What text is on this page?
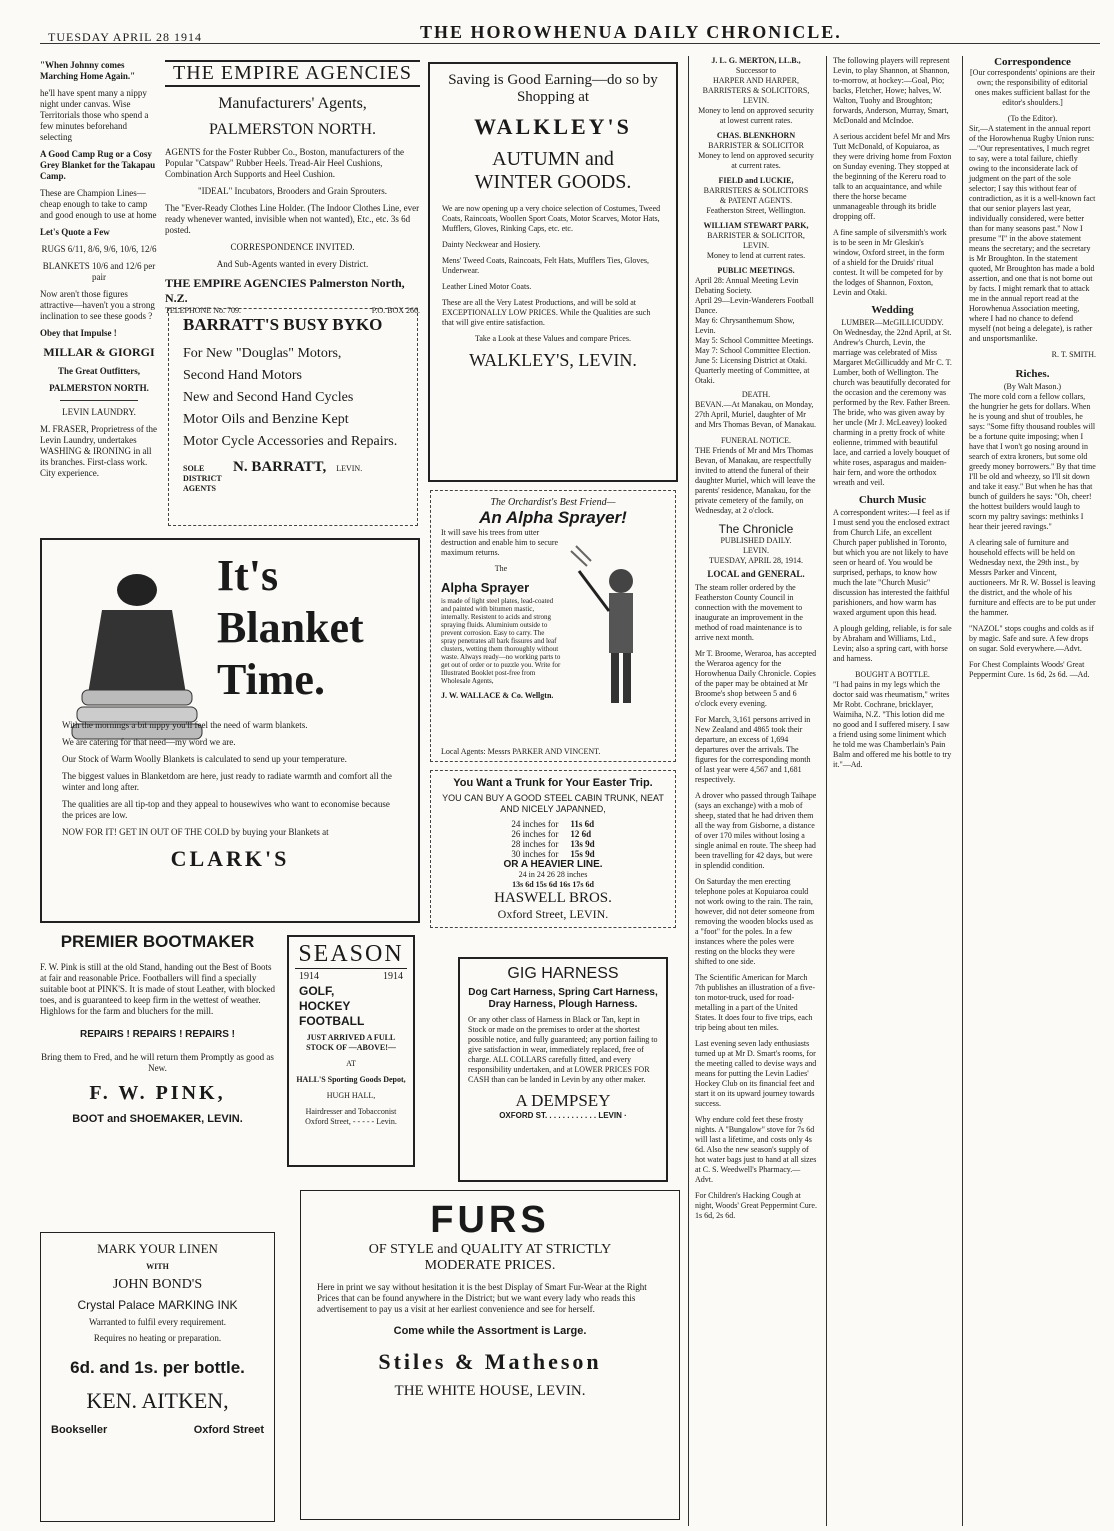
TUESDAY APRIL 28 1914	THE HOROWHENUA DAILY CHRONICLE.

"When Johnny comes Marching Home Again."

he'll have spent many a nippy night under canvas. Wise Territorials those who spend a few minutes beforehand selecting

A Good Camp Rug or a Cosy Grey Blanket for the Takapau Camp.

These are Champion Lines—cheap enough to take to camp and good enough to use at home

Let's Quote a Few

RUGS 6/11, 8/6, 9/6, 10/6, 12/6

BLANKETS 10/6 and 12/6 per pair

Now aren't those figures attractive—haven't you a strong inclination to see these goods ?

Obey that Impulse !

MILLAR & GIORGI

The Great Outfitters,

PALMERSTON NORTH.

LEVIN LAUNDRY.

M. FRASER, Proprietress of the Levin Laundry, undertakes WASHING & IRONING in all its branches. First-class work. City experience.

THE EMPIRE AGENCIES
Manufacturers' Agents,
PALMERSTON NORTH.

AGENTS for the Foster Rubber Co., Boston, manufacturers of the Popular "Catspaw" Rubber Heels. Tread-Air Heel Cushions, Combination Arch Supports and Heel Cushion.

"IDEAL" Incubators, Brooders and Grain Sprouters.

The "Ever-Ready Clothes Line Holder. (The Indoor Clothes Line, ever ready whenever wanted, invisible when not wanted), Etc., etc. 3s 6d posted.

CORRESPONDENCE INVITED.

And Sub-Agents wanted in every District.

THE EMPIRE AGENCIES Palmerston North, N.Z.
TELEPHONE No. 709.	P.O. BOX 266.
BARRATT'S BUSY BYKO
For New "Douglas" Motors,
Second Hand Motors
New and Second Hand Cycles
Motor Oils and Benzine Kept
Motor Cycle Accessories and Repairs.
SOLE DISTRICT AGENTS
N. BARRATT, LEVIN.
It's
Blanket
Time.

With the mornings a bit nippy you'll feel the need of warm blankets.

We are catering for that need—my word we are.

Our Stock of Warm Woolly Blankets is calculated to send up your temperature.

The biggest values in Blanketdom are here, just ready to radiate warmth and comfort all the winter and long after.

The qualities are all tip-top and they appeal to housewives who want to economise because the prices are low.

NOW FOR IT! GET IN OUT OF THE COLD by buying your Blankets at

CLARK'S
Saving is Good Earning—do so by Shopping at
WALKLEY'S
AUTUMN and
WINTER GOODS.

We are now opening up a very choice selection of Costumes, Tweed Coats, Raincoats, Woollen Sport Coats, Motor Scarves, Motor Hats, Mufflers, Gloves, Rinking Caps, etc. etc.

Dainty Neckwear and Hosiery.

Mens' Tweed Coats, Raincoats, Felt Hats, Mufflers Ties, Gloves, Underwear.

Leather Lined Motor Coats.

These are all the Very Latest Productions, and will be sold at EXCEPTIONALLY LOW PRICES. While the Qualities are such that will give entire satisfaction.

Take a Look at these Values and compare Prices.

WALKLEY'S, LEVIN.
The Orchardist's Best Friend—
An Alpha Sprayer!

It will save his trees from utter destruction and enable him to secure maximum returns.

The

Alpha Sprayer

is made of light steel plates, lead-coated and painted with bitumen mastic, internally. Resistent to acids and strong spraying fluids. Aluminium outside to prevent corrosion. Easy to carry. The spray penetrates all bark fissures and leaf clusters, wetting them thoroughly without waste. Always ready—no working parts to get out of order or to puzzle you. Write for Illustrated Booklet post-free from Wholesale Agents,

J. W. WALLACE & Co. Wellgtn.

Local Agents: Messrs PARKER AND VINCENT.
You Want a Trunk for Your Easter Trip.
YOU CAN BUY A GOOD STEEL CABIN TRUNK, NEAT AND NICELY JAPANNED,
24 inches for	11s 6d
26 inches for	12 6d
28 inches for	13s 9d
30 inches for	15s 9d
OR A HEAVIER LINE.
24 in 24 26 28 inches
13s 6d 15s 6d 16s 17s 6d
HASWELL BROS.
Oxford Street, LEVIN.
PREMIER BOOTMAKER

F. W. Pink is still at the old Stand, handing out the Best of Boots at fair and reasonable Price. Footballers will find a specially suitable boot at PINK'S. It is made of stout Leather, with blocked toes, and is guaranteed to keep firm in the wettest of weather. Highlows for the farm and bluchers for the mill.

REPAIRS ! REPAIRS ! REPAIRS !

Bring them to Fred, and he will return them Promptly as good as New.

F. W. PINK,
BOOT and SHOEMAKER, LEVIN.
SEASON
1914	1914
GOLF,
HOCKEY
FOOTBALL

JUST ARRIVED A FULL STOCK OF —ABOVE!—

AT

HALL'S Sporting Goods Depot,

HUGH HALL,

Hairdresser and Tobacconist Oxford Street, - - - - - Levin.

GIG HARNESS

Dog Cart Harness, Spring Cart Harness, Dray Harness, Plough Harness.

Or any other class of Harness in Black or Tan, kept in Stock or made on the premises to order at the shortest possible notice, and fully guaranteed; any portion failing to give satisfaction in wear, immediately replaced, free of charge. ALL COLLARS carefully fitted, and every responsibility undertaken, and at LOWER PRICES FOR CASH than can be landed in Levin by any other maker.

A DEMPSEY
OXFORD ST. . . . . . . . . . . . LEVIN ·
MARK YOUR LINEN
WITH
JOHN BOND'S
Crystal Palace MARKING INK
Warranted to fulfil every requirement.
Requires no heating or preparation.
6d. and 1s. per bottle.
KEN. AITKEN,
Bookseller	Oxford Street
FURS
OF STYLE and QUALITY AT STRICTLY
MODERATE PRICES.

Here in print we say without hesitation it is the best Display of Smart Fur-Wear at the Right Prices that can be found anywhere in the District; but we want every lady who reads this advertisement to pay us a visit at her earliest convenience and see for herself.

Come while the Assortment is Large.

Stiles & Matheson
THE WHITE HOUSE, LEVIN.
J. L. G. MERTON, LL.B.,
Successor to
HARPER AND HARPER,
BARRISTERS & SOLICITORS,
LEVIN.
Money to lend on approved security at lowest current rates.
CHAS. BLENKHORN
BARRISTER & SOLICITOR
Money to lend on approved security at current rates.
FIELD and LUCKIE,
BARRISTERS & SOLICITORS
& PATENT AGENTS.
Featherston Street, Wellington.
WILLIAM STEWART PARK,
BARRISTER & SOLICITOR,
LEVIN.
Money to lend at current rates.
PUBLIC MEETINGS.
April 28: Annual Meeting Levin Debating Society.
April 29—Levin-Wanderers Football Dance.
May 6: Chrysanthemum Show, Levin.
May 5: School Committee Meetings.
May 7: School Committee Election.
June 5: Licensing District at Otaki. Quarterly meeting of Committee, at Otaki.
DEATH.

BEVAN.—At Manakau, on Monday, 27th April, Muriel, daughter of Mr and Mrs Thomas Bevan, of Manakau.

FUNERAL NOTICE.

THE Friends of Mr and Mrs Thomas Bevan, of Manakau, are respectfully invited to attend the funeral of their daughter Muriel, which will leave the parents' residence, Manakau, for the private cemetery of the family, on Wednesday, at 2 o'clock.

The Chronicle
PUBLISHED DAILY.
LEVIN.
TUESDAY, APRIL 28, 1914.
LOCAL and GENERAL.

The steam roller ordered by the Featherston County Council in connection with the movement to inaugurate an improvement in the method of road maintenance is to arrive next month.

Mr T. Broome, Weraroa, has accepted the Weraroa agency for the Horowhenua Daily Chronicle. Copies of the paper may be obtained at Mr Broome's shop between 5 and 6 o'clock every evening.

For March, 3,161 persons arrived in New Zealand and 4865 took their departure, an excess of 1,694 departures over the arrivals. The figures for the corresponding month of last year were 4,567 and 1,681 respectively.

A drover who passed through Taihape (says an exchange) with a mob of sheep, stated that he had driven them all the way from Gisborne, a distance of over 170 miles without losing a single animal en route. The sheep had been travelling for 42 days, but were in splendid condition.

On Saturday the men erecting telephone poles at Kopuiaroa could not work owing to the rain. The rain, however, did not deter someone from removing the wooden blocks used as a "foot" for the poles. In a few instances where the poles were resting on the blocks they were shifted to one side.

The Scientific American for March 7th publishes an illustration of a five-ton motor-truck, used for road-metalling in a part of the United States. It does four to five trips, each trip being about ten miles.

Last evening seven lady enthusiasts turned up at Mr D. Smart's rooms, for the meeting called to devise ways and means for putting the Levin Ladies' Hockey Club on its financial feet and start it on its upward journey towards success.

Why endure cold feet these frosty nights. A "Bungalow" stove for 7s 6d will last a lifetime, and costs only 4s 6d. Also the new season's supply of hot water bags just to hand at all sizes at C. S. Weedwell's Pharmacy.—Advt.

For Children's Hacking Cough at night, Woods' Great Peppermint Cure. 1s 6d, 2s 6d.

The following players will represent Levin, to play Shannon, at Shannon, to-morrow, at hockey:—Goal, Pio; backs, Fletcher, Howe; halves, W. Walton, Tuohy and Broughton; forwards, Anderson, Murray, Smart, McDonald and McIndoe.

A serious accident befel Mr and Mrs Tutt McDonald, of Kopuiaroa, as they were driving home from Foxton on Sunday evening. They stopped at the beginning of the Kereru road to talk to an acquaintance, and while there the horse became unmanageable through its bridle dropping off.

A fine sample of silversmith's work is to be seen in Mr Gleskin's window, Oxford street, in the form of a shield for the Druids' ritual contest. It will be competed for by the lodges of Shannon, Foxton, Levin and Otaki.

Wedding
LUMBER—McGILLICUDDY.

On Wednesday, the 22nd April, at St. Andrew's Church, Levin, the marriage was celebrated of Miss Margaret McGillicuddy and Mr C. T. Lumber, both of Wellington. The church was beautifully decorated for the occasion and the ceremony was performed by the Rev. Father Breen. The bride, who was given away by her uncle (Mr J. McLeavey) looked charming in a pretty frock of white eolienne, trimmed with beautiful lace, and carried a lovely bouquet of white roses, asparagus and maiden-hair fern, and wore the orthodox wreath and veil.

Church Music

A correspondent writes:—I feel as if I must send you the enclosed extract from Church Life, an excellent Church paper published in Toronto, but which you are not likely to have seen or heard of. You would be surprised, perhaps, to know how much the late "Church Music" discussion has interested the faithful parishioners, and how warm has waxed argument upon this head.

A plough gelding, reliable, is for sale by Abraham and Williams, Ltd., Levin; also a spring cart, with horse and harness.

BOUGHT A BOTTLE.

"I had pains in my legs which the doctor said was rheumatism," writes Mr Robt. Cochrane, bricklayer, Waimiha, N.Z. "This lotion did me no good and I suffered misery. I saw a friend using some liniment which he told me was Chamberlain's Pain Balm and offered me his bottle to try it."—Ad.

Correspondence

[Our correspondents' opinions are their own; the responsibility of editorial ones makes sufficient ballast for the editor's shoulders.]

(To the Editor).

Sir,—A statement in the annual report of the Horowhenua Rugby Union runs:—"Our representatives, I much regret to say, were a total failure, chiefly owing to the inconsiderate lack of judgment on the part of the sole selector; I say this without fear of contradiction, as it is a well-known fact that our senior players last year, individually considered, were better than for many seasons past." Now I presume "I" in the above statement means the secretary; and the secretary is Mr Broughton. In the statement quoted, Mr Broughton has made a bold assertion, and one that is not borne out by facts. I might remark that to attack me in the annual report read at the Horowhenua Association meeting, where I had no chance to defend myself (not being a delegate), is rather and unsportsmanlike.

R. T. SMITH.
Riches.
(By Walt Mason.)

The more cold corn a fellow collars, the hungrier he gets for dollars. When he is young and shut of troubles, he says: "Some fifty thousand roubles will be a fortune quite imposing; when I have that I won't go nosing around in search of extra kroners, but some old greedy money borrowers." By that time I'll be old and wheezy, so I'll sit down and take it easy." But when he has that bunch of guilders he says: "Oh, cheer! the hottest builders would laugh to scorn my paltry savings: methinks I hear their jeered ravings."

A clearing sale of furniture and household effects will be held on Wednesday next, the 29th inst., by Messrs Parker and Vincent, auctioneers. Mr R. W. Bossel is leaving the district, and the whole of his furniture and effects are to be put under the hammer.

"NAZOL" stops coughs and colds as if by magic. Safe and sure. A few drops on sugar. Sold everywhere.—Advt.

For Chest Complaints Woods' Great Peppermint Cure. 1s 6d, 2s 6d. —Ad.
